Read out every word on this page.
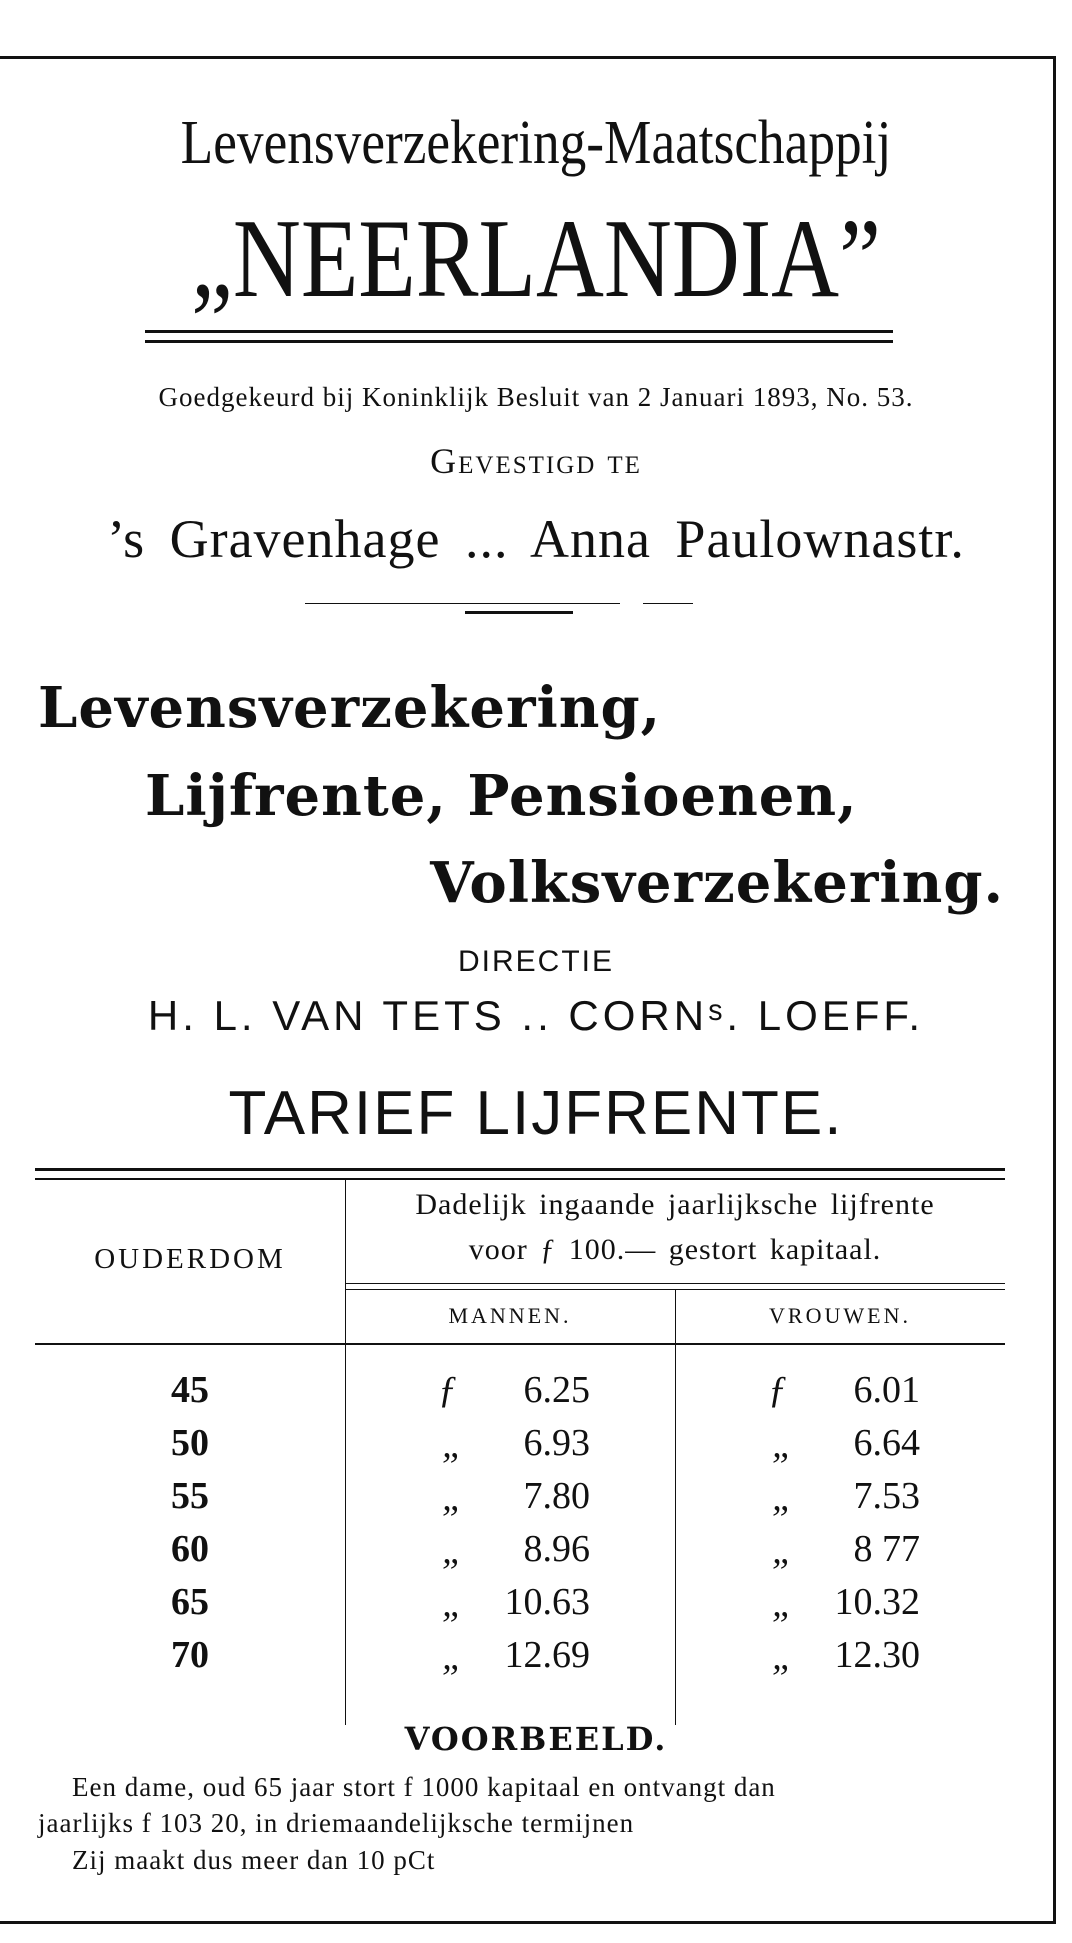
Levensverzekering-Maatschappij
„NEERLANDIA”
Goedgekeurd bij Koninklijk Besluit van 2 Januari 1893, No. 53.
Gevestigd te
’s Gravenhage ... Anna Paulownastr.
Levensverzekering,
Lijfrente, Pensioenen,
Volksverzekering.
DIRECTIE
H. L. VAN TETS .. CORNˢ. LOEFF.
TARIEF LIJFRENTE.
OUDERDOM
Dadelijk ingaande jaarlijksche lijfrente
voor ƒ 100.— gestort kapitaal.
MANNEN.	VROUWEN.
45	ƒ	6.25	ƒ	6.01
50	„	6.93	„	6.64
55	„	7.80	„	7.53
60	„	8.96	„	8 77
65	„	10.63	„	10.32
70	„	12.69	„	12.30
VOORBEELD.
Een dame, oud 65 jaar stort f 1000 kapitaal en ontvangt dan
jaarlijks f 103 20, in driemaandelijksche termijnen
Zij maakt dus meer dan 10 pCt
